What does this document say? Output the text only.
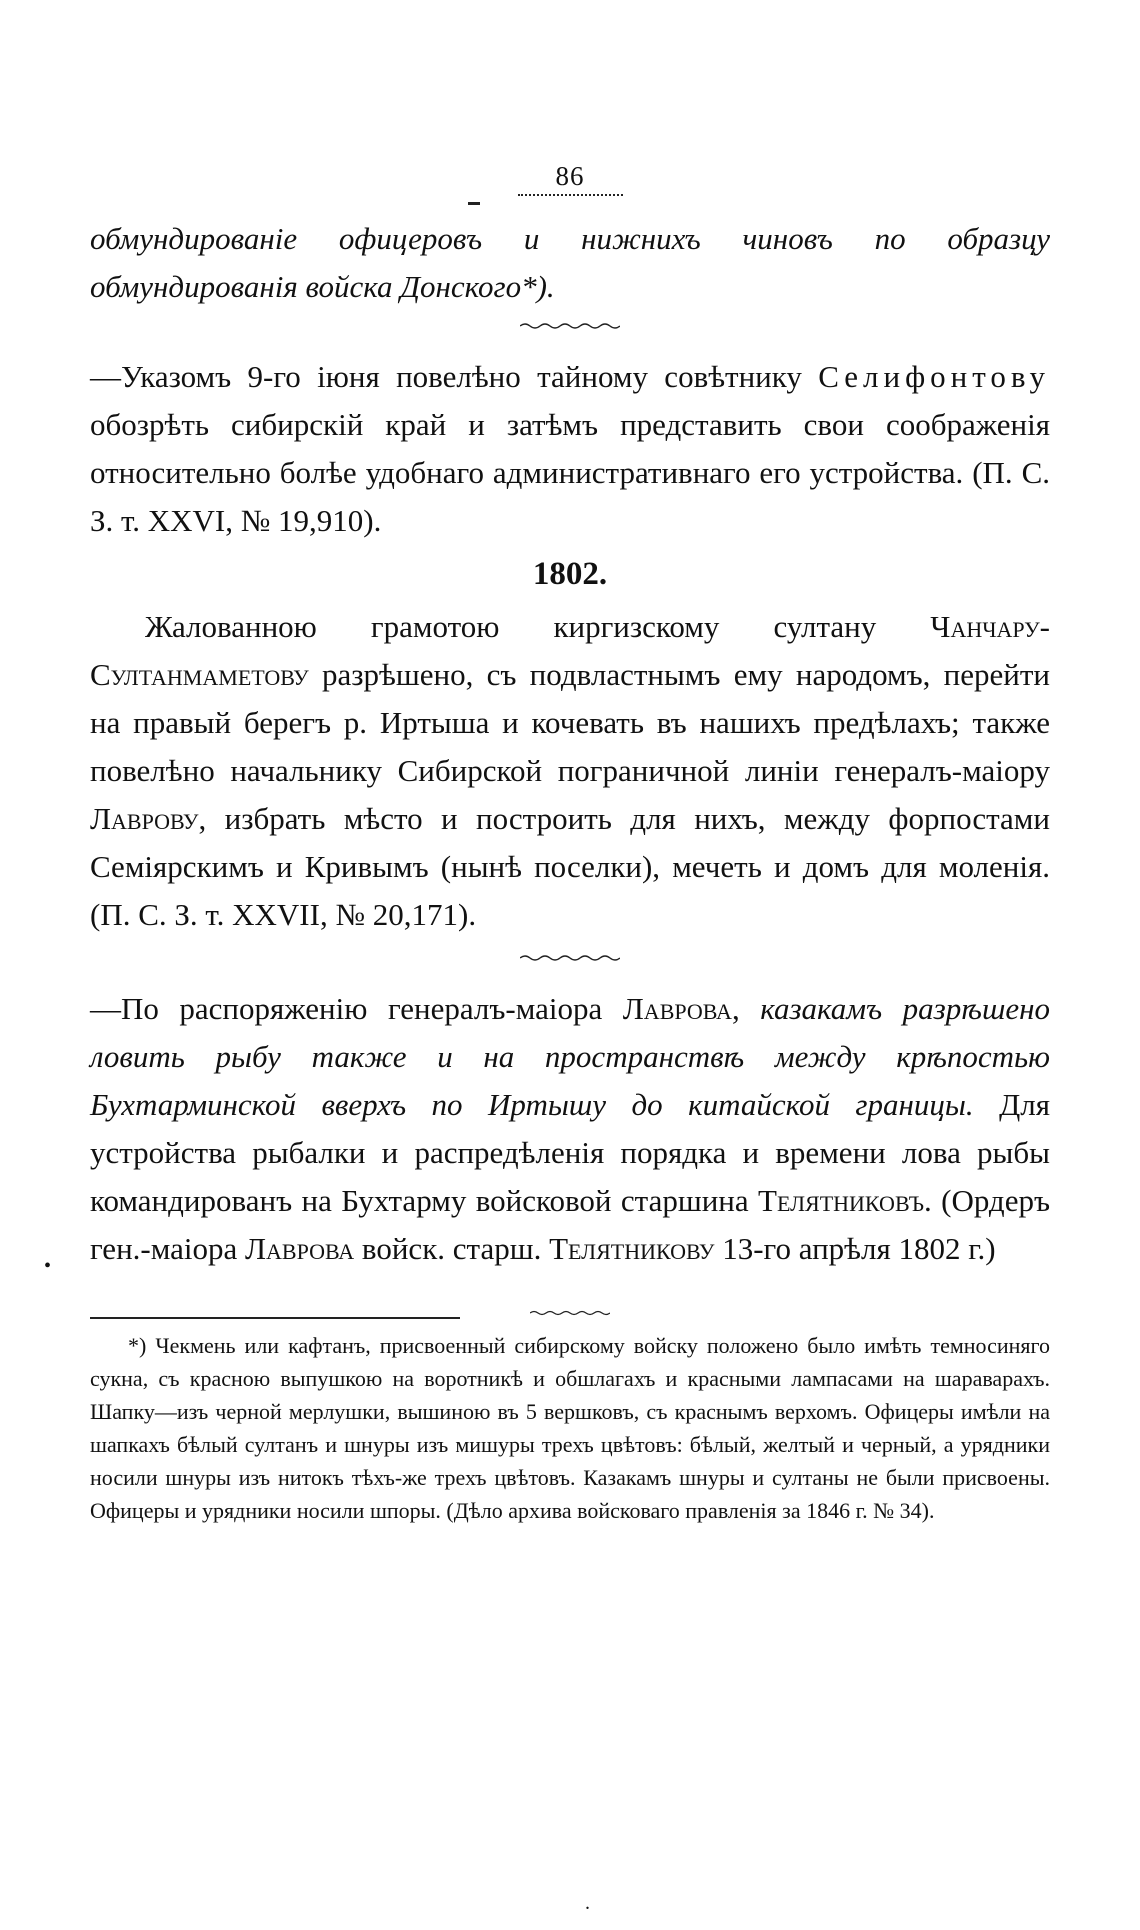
86

обмундированіе офицеровъ и нижнихъ чиновъ по образцу обмундированія войска Донского*).

—Указомъ 9-го іюня повелѣно тайному совѣтнику Селифонтову обозрѣть сибирскій край и затѣмъ представить свои соображенія относительно болѣе удобнаго административнаго его устройства. (П. С. З. т. XXVI, № 19,910).

1802.

Жалованною грамотою киргизскому султану Чанчару-Султанмаметову разрѣшено, съ подвластнымъ ему народомъ, перейти на правый берегъ р. Иртыша и кочевать въ нашихъ предѣлахъ; также повелѣно начальнику Сибирской пограничной линіи генералъ-маіору Лаврову, избрать мѣсто и построить для нихъ, между форпостами Семіярскимъ и Кривымъ (нынѣ поселки), мечеть и домъ для моленія. (П. С. З. т. XXVII, № 20,171).

—По распоряженію генералъ-маіора Лаврова, казакамъ разрѣшено ловить рыбу также и на пространствѣ между крѣпостью Бухтарминской вверхъ по Иртышу до китайской границы. Для устройства рыбалки и распредѣленія порядка и времени лова рыбы командированъ на Бухтарму войсковой старшина Телятниковъ. (Ордеръ ген.-маіора Лаврова войск. старш. Телятникову 13-го апрѣля 1802 г.)

*) Чекмень или кафтанъ, присвоенный сибирскому войску положено было имѣть темносиняго сукна, съ красною выпушкою на воротникѣ и обшлагахъ и красными лампасами на шараварахъ. Шапку—изъ черной мерлушки, вышиною въ 5 вершковъ, съ краснымъ верхомъ. Офицеры имѣли на шапкахъ бѣлый султанъ и шнуры изъ мишуры трехъ цвѣтовъ: бѣлый, желтый и черный, а урядники носили шнуры изъ нитокъ тѣхъ-же трехъ цвѣтовъ. Казакамъ шнуры и султаны не были присвоены. Офицеры и урядники носили шпоры. (Дѣло архива войсковаго правленія за 1846 г. № 34).

•
.
